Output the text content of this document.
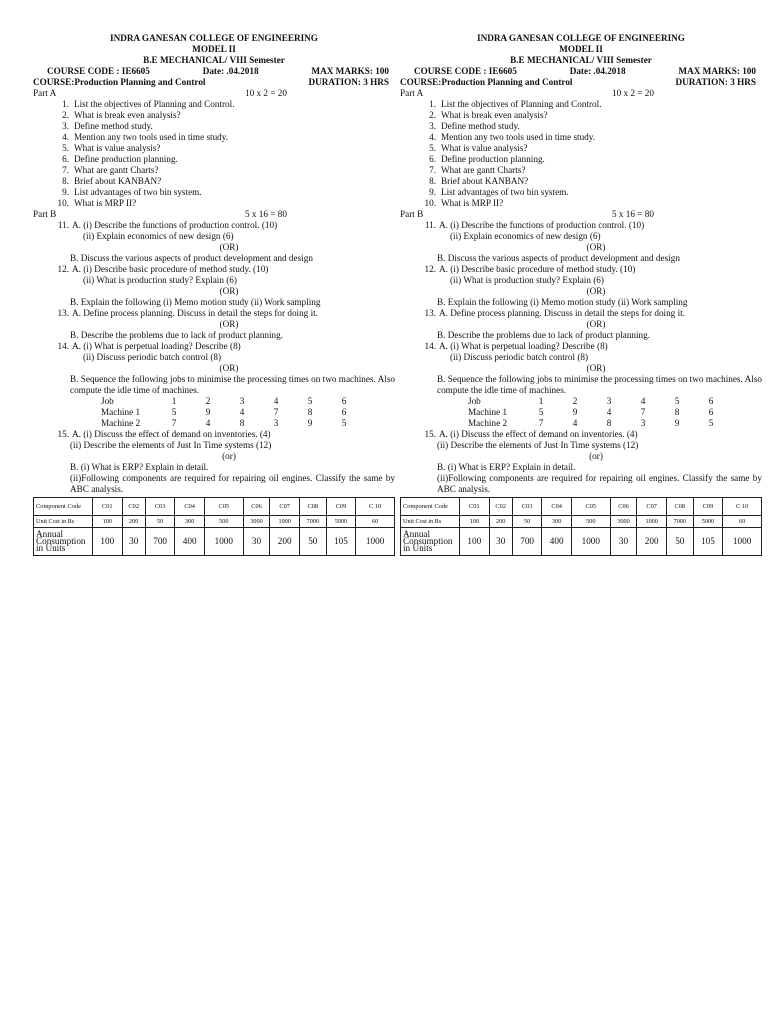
INDRA GANESAN COLLEGE OF ENGINEERING
MODEL II
B.E MECHANICAL/ VIII Semester
COURSE CODE : IE6605	Date: .04.2018	MAX MARKS: 100
COURSE:Production Planning and Control	DURATION: 3 HRS
Part A	10 x 2 = 20
1. List the objectives of Planning and Control.
2. What is break even analysis?
3. Define method study.
4. Mention any two tools used in time study.
5. What is value analysis?
6. Define production planning.
7. What are gantt Charts?
8. Brief about KANBAN?
9. List advantages of two bin system.
10. What is MRP II?
Part B	5 x 16 = 80
11. A. (i) Describe the functions of production control. (10)
(ii) Explain economics of new design (6)
(OR)
B. Discuss the various aspects of product development and design
12. A. (i) Describe basic procedure of method study. (10)
(ii) What is production study? Explain (6)
(OR)
B. Explain the following (i) Memo motion study (ii) Work sampling
13. A. Define process planning. Discuss in detail the steps for doing it.
(OR)
B. Describe the problems due to lack of product planning.
14. A. (i) What is perpetual loading? Describe (8)
(ii) Discuss periodic batch control (8)
(OR)
B. Sequence the following jobs to minimise the processing times on two machines. Also compute the idle time of machines.
Job	1	2	3	4	5	6
Machine 1	5	9	4	7	8	6
Machine 2	7	4	8	3	9	5
15. A. (i) Discuss the effect of demand on inventories. (4)
(ii) Describe the elements of Just In Time systems (12)
(or)
B. (i) What is ERP? Explain in detail.
(ii)Following components are required for repairing oil engines. Classify the same by ABC analysis.
Component Code	C01	C02	C03	C04	C05	C06	C07	C08	C09	C 10
Unit Cost in Rs	100	200	50	300	500	3000	1000	7000	5000	60
Annual Consumption in Units	100	30	700	400	1000	30	200	50	105	1000
INDRA GANESAN COLLEGE OF ENGINEERING
MODEL II
B.E MECHANICAL/ VIII Semester
COURSE CODE : IE6605	Date: .04.2018	MAX MARKS: 100
COURSE:Production Planning and Control	DURATION: 3 HRS
Part A	10 x 2 = 20
1. List the objectives of Planning and Control.
2. What is break even analysis?
3. Define method study.
4. Mention any two tools used in time study.
5. What is value analysis?
6. Define production planning.
7. What are gantt Charts?
8. Brief about KANBAN?
9. List advantages of two bin system.
10. What is MRP II?
Part B	5 x 16 = 80
11. A. (i) Describe the functions of production control. (10)
(ii) Explain economics of new design (6)
(OR)
B. Discuss the various aspects of product development and design
12. A. (i) Describe basic procedure of method study. (10)
(ii) What is production study? Explain (6)
(OR)
B. Explain the following (i) Memo motion study (ii) Work sampling
13. A. Define process planning. Discuss in detail the steps for doing it.
(OR)
B. Describe the problems due to lack of product planning.
14. A. (i) What is perpetual loading? Describe (8)
(ii) Discuss periodic batch control (8)
(OR)
B. Sequence the following jobs to minimise the processing times on two machines. Also compute the idle time of machines.
Job	1	2	3	4	5	6
Machine 1	5	9	4	7	8	6
Machine 2	7	4	8	3	9	5
15. A. (i) Discuss the effect of demand on inventories. (4)
(ii) Describe the elements of Just In Time systems (12)
(or)
B. (i) What is ERP? Explain in detail.
(ii)Following components are required for repairing oil engines. Classify the same by ABC analysis.
Component Code	C01	C02	C03	C04	C05	C06	C07	C08	C09	C 10
Unit Cost in Rs	100	200	50	300	500	3000	1000	7000	5000	60
Annual Consumption in Units	100	30	700	400	1000	30	200	50	105	1000
